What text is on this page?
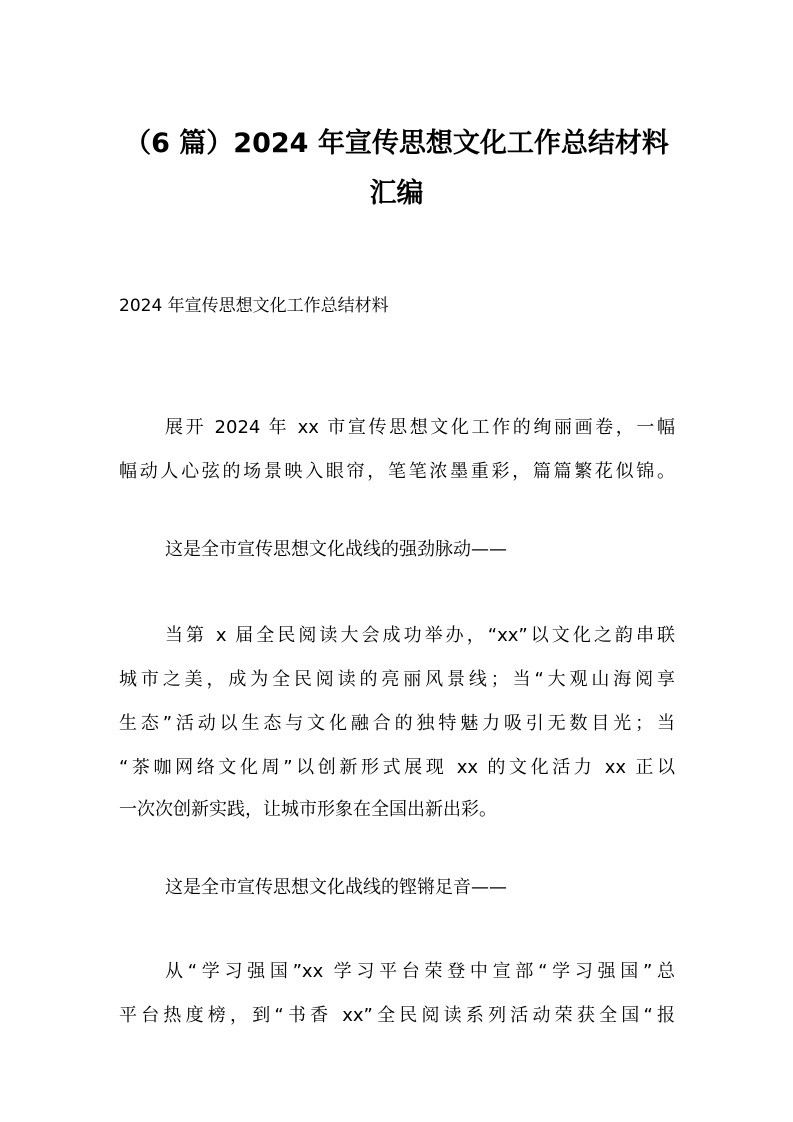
（6 篇）2024 年宣传思想文化工作总结材料
汇编

2024 年宣传思想文化工作总结材料

展开 2024 年 xx 市宣传思想文化工作的绚丽画卷，一幅

幅动人心弦的场景映入眼帘，笔笔浓墨重彩，篇篇繁花似锦。

这是全市宣传思想文化战线的强劲脉动——

当第 x 届全民阅读大会成功举办，“xx”以文化之韵串联

城市之美，成为全民阅读的亮丽风景线；当“大观山海阅享

生态”活动以生态与文化融合的独特魅力吸引无数目光；当

“茶咖网络文化周”以创新形式展现 xx 的文化活力 xx 正以

一次次创新实践，让城市形象在全国出新出彩。

这是全市宣传思想文化战线的铿锵足音——

从“学习强国”xx 学习平台荣登中宣部“学习强国”总

平台热度榜，到“书香 xx”全民阅读系列活动荣获全国“报
